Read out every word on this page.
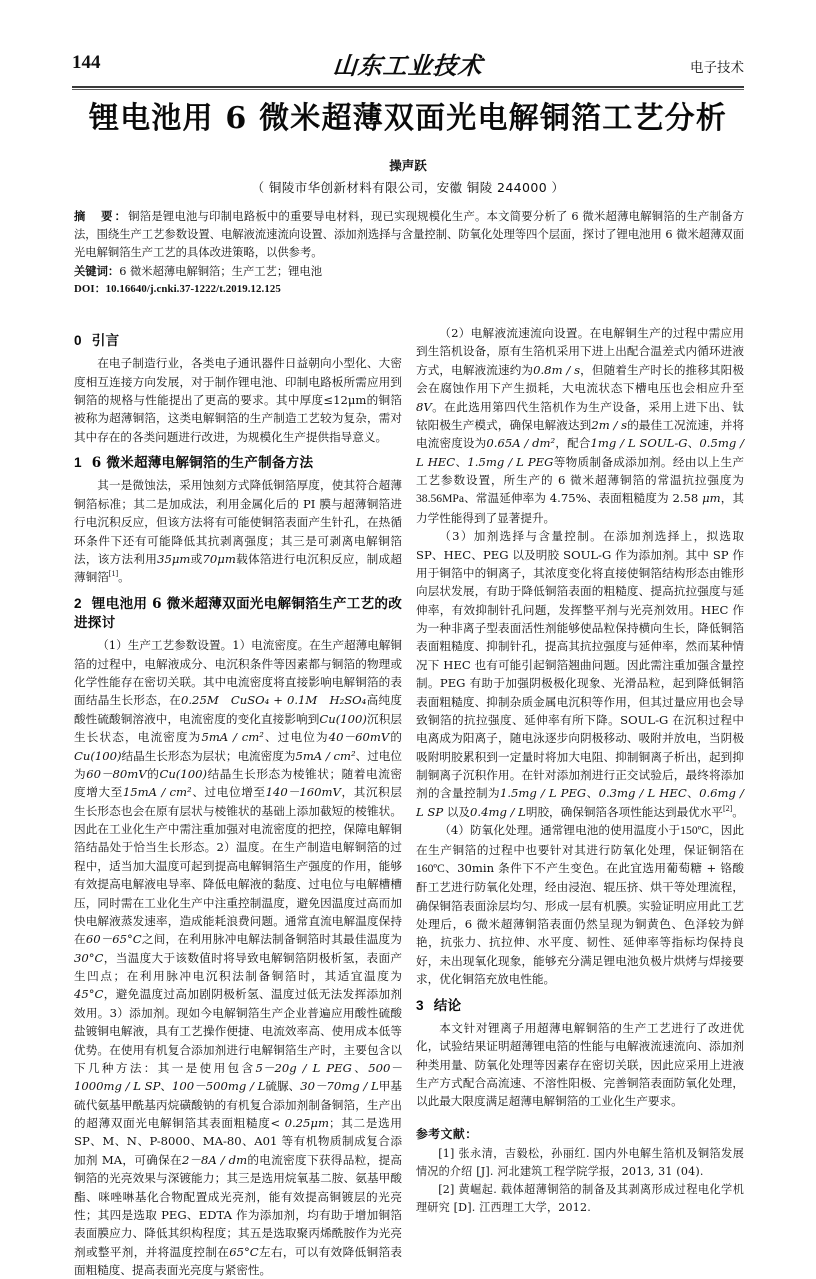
144	山东工业技术	电子技术
锂电池用 6 微米超薄双面光电解铜箔工艺分析
操声跃
（ 铜陵市华创新材料有限公司，安徽 铜陵 244000 ）

摘　要：铜箔是锂电池与印制电路板中的重要导电材料，现已实现规模化生产。本文简要分析了 6 微米超薄电解铜箔的生产制备方法，围绕生产工艺参数设置、电解液流速流向设置、添加剂选择与含量控制、防氧化处理等四个层面，探讨了锂电池用 6 微米超薄双面光电解铜箔生产工艺的具体改进策略，以供参考。

关键词：6 微米超薄电解铜箔；生产工艺；锂电池

DOI：10.16640/j.cnki.37-1222/t.2019.12.125

0 引言

在电子制造行业，各类电子通讯器件日益朝向小型化、大密度相互连接方向发展，对于制作锂电池、印制电路板所需应用到铜箔的规格与性能提出了更高的要求。其中厚度≤12μm的铜箔被称为超薄铜箔，这类电解铜箔的生产制造工艺较为复杂，需对其中存在的各类问题进行改进，为规模化生产提供指导意义。

1 6 微米超薄电解铜箔的生产制备方法

其一是微蚀法，采用蚀刻方式降低铜箔厚度，使其符合超薄铜箔标准；其二是加成法，利用金属化后的 PI 膜与超薄铜箔进行电沉积反应，但该方法将有可能使铜箔表面产生针孔，在热循环条件下还有可能降低其抗剥离强度；其三是可剥离电解铜箔法，该方法利用35μm或70μm载体箔进行电沉积反应，制成超薄铜箔[1]。

2 锂电池用 6 微米超薄双面光电解铜箔生产工艺的改进探讨

（1）生产工艺参数设置。1）电流密度。在生产超薄电解铜箔的过程中，电解液成分、电沉积条件等因素都与铜箔的物理或化学性能存在密切关联。其中电流密度将直接影响电解铜箔的表面结晶生长形态，在0.25M　CuSO₄ + 0.1M　H₂SO₄高纯度酸性硫酸铜溶液中，电流密度的变化直接影响到Cu(100)沉积层生长状态，电流密度为5mA / cm²、过电位为40－60mV的Cu(100)结晶生长形态为层状；电流密度为5mA / cm²、过电位为60－80mV的Cu(100)结晶生长形态为棱锥状；随着电流密度增大至15mA / cm²、过电位增至140－160mV，其沉积层生长形态也会在原有层状与棱锥状的基础上添加截短的棱锥状。因此在工业化生产中需注重加强对电流密度的把控，保障电解铜箔结晶处于恰当生长形态。2）温度。在生产制造电解铜箔的过程中，适当加大温度可起到提高电解铜箔生产强度的作用，能够有效提高电解液电导率、降低电解液的黏度、过电位与电解槽槽压，同时需在工业化生产中注重控制温度，避免因温度过高而加快电解液蒸发速率，造成能耗浪费问题。通常直流电解温度保持在60－65°C之间，在利用脉冲电解法制备铜箔时其最佳温度为30°C，当温度大于该数值时将导致电解铜箔阴极析氢，表面产生凹点；在利用脉冲电沉积法制备铜箔时，其适宜温度为45°C，避免温度过高加剧阴极析氢、温度过低无法发挥添加剂效用。3）添加剂。现如今电解铜箔生产企业普遍应用酸性硫酸盐镀铜电解液，具有工艺操作便捷、电流效率高、使用成本低等优势。在使用有机复合添加剂进行电解铜箔生产时，主要包含以下几种方法：其一是使用包含5－20g / L PEG、500－1000mg / L SP、100－500mg / L硫脲、30－70mg / L甲基硫代氨基甲酰基丙烷磺酸钠的有机复合添加剂制备铜箔，生产出的超薄双面光电解铜箔其表面粗糙度< 0.25μm；其二是选用 SP、M、N、P-8000、MA-80、A01 等有机物质制成复合添加剂 MA，可确保在2－8A / dm的电流密度下获得品粒，提高铜箔的光亮效果与深镀能力；其三是选用烷氧基二胺、氨基甲酸酯、咪唑啉基化合物配置成光亮剂，能有效提高铜镀层的光亮性；其四是选取 PEG、EDTA 作为添加剂，均有助于增加铜箔表面膜应力、降低其织构程度；其五是选取聚丙烯酰胺作为光亮剂或整平剂，并将温度控制在65°C左右，可以有效降低铜箔表面粗糙度、提高表面光亮度与紧密性。

（2）电解液流速流向设置。在电解铜生产的过程中需应用到生箔机设备，原有生箔机采用下进上出配合温差式内循环进液方式，电解液流速约为0.8m / s，但随着生产时长的推移其阳极会在腐蚀作用下产生损耗，大电流状态下槽电压也会相应升至8V。在此选用第四代生箔机作为生产设备，采用上进下出、钛铱阳极生产模式，确保电解液达到2m / s的最佳工况流速，并将电流密度设为0.65A / dm²，配合1mg / L SOUL-G、0.5mg / L HEC、1.5mg / L PEG等物质制备成添加剂。经由以上生产工艺参数设置，所生产的 6 微米超薄铜箔的常温抗拉强度为38.56MPa、常温延伸率为 4.75%、表面粗糙度为 2.58 μm，其力学性能得到了显著提升。

（3）加剂选择与含量控制。在添加剂选择上，拟选取 SP、HEC、PEG 以及明胶 SOUL-G 作为添加剂。其中 SP 作用于铜箔中的铜离子，其浓度变化将直接使铜箔结构形态由锥形向层状发展，有助于降低铜箔表面的粗糙度、提高抗拉强度与延伸率，有效抑制针孔问题，发挥整平剂与光亮剂效用。HEC 作为一种非离子型表面活性剂能够使品粒保持横向生长，降低铜箔表面粗糙度、抑制针孔，提高其抗拉强度与延伸率，然而某种情况下 HEC 也有可能引起铜箔翘曲问题。因此需注重加强含量控制。PEG 有助于加强阴极极化现象、光滑品粒，起到降低铜箔表面粗糙度、抑制杂质金属电沉积等作用，但其过量应用也会导致铜箔的抗拉强度、延伸率有所下降。SOUL-G 在沉积过程中电离成为阳离子，随电泳逐步向阴极移动、吸附并放电，当阴极吸附明胶累积到一定量时将加大电阻、抑制铜离子析出，起到抑制铜离子沉积作用。在针对添加剂进行正交试验后，最终将添加剂的含量控制为1.5mg / L PEG、0.3mg / L HEC、0.6mg / L SP 以及0.4mg / L明胶，确保铜箔各项性能达到最优水平[2]。

（4）防氧化处理。通常锂电池的使用温度小于150ºC，因此在生产铜箔的过程中也要针对其进行防氧化处理，保证铜箔在160ºC、30min 条件下不产生变色。在此宜选用葡萄糖 + 铬酸酐工艺进行防氧化处理，经由浸泡、辊压挤、烘干等处理流程，确保铜箔表面涂层均匀、形成一层有机膜。实验证明应用此工艺处理后，6 微米超薄铜箔表面仍然呈现为铜黄色、色泽较为鲜艳，抗张力、抗拉伸、水平度、韧性、延伸率等指标均保持良好，未出现氧化现象，能够充分满足锂电池负极片烘烤与焊接要求，优化铜箔充放电性能。

3 结论

本文针对锂离子用超薄电解铜箔的生产工艺进行了改进优化，试验结果证明超薄锂电箔的性能与电解液流速流向、添加剂种类用量、防氧化处理等因素存在密切关联，因此应采用上进液生产方式配合高流速、不溶性阳极、完善铜箔表面防氧化处理，以此最大限度满足超薄电解铜箔的工业化生产要求。

参考文献：

[1] 张永清，吉毅松，孙丽红. 国内外电解生箔机及铜箔发展情况的介绍 [J]. 河北建筑工程学院学报，2013, 31 (04).

[2] 黄崛起. 载体超薄铜箔的制备及其剥离形成过程电化学机理研究 [D]. 江西理工大学，2012.
